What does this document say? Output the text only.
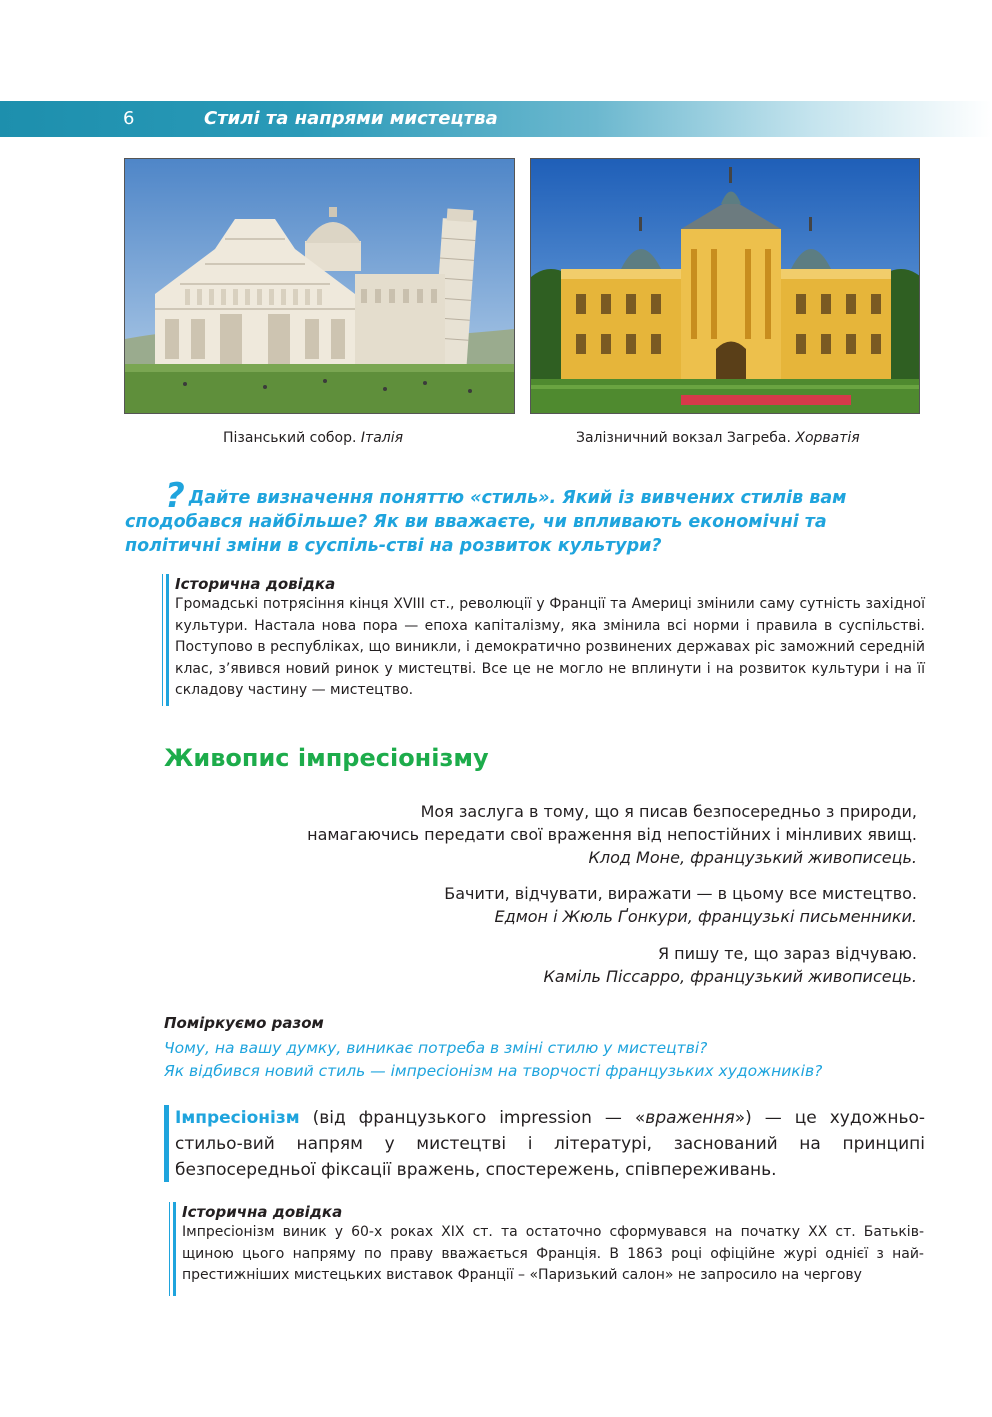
6	Стилі та напрями мистецтва
Пізанський собор. Італія	Залізничний вокзал Загреба. Хорватія
? Дайте визначення поняттю «стиль». Який із вивчених стилів вам сподобався найбільше? Як ви вважаєте, чи впливають економічні та політичні зміни в суспіль-стві на розвиток культури?

Історична довідка

Громадські потрясіння кінця XVIII ст., революції у Франції та Америці змінили саму сутність західної культури. Настала нова пора — епоха капіталізму, яка змінила всі норми і правила в суспільстві. Поступово в республіках, що виникли, і демократично розвинених державах ріс заможний середній клас, з’явився новий ринок у мистецтві. Все це не могло не вплинути і на розвиток культури і на її складову частину — мистецтво.

Живопис імпресіонізму
Моя заслуга в тому, що я писав безпосередньо з природи,
намагаючись передати свої враження від непостійних і мінливих явищ.
Клод Моне, французький живописець.
Бачити, відчувати, виражати — в цьому все мистецтво.
Едмон і Жюль Ґонкури, французькі письменники.
Я пишу те, що зараз відчуваю.
Каміль Піссарро, французький живописець.
Поміркуємо разом
Чому, на вашу думку, виникає потреба в зміні стилю у мистецтві?
Як відбився новий стиль — імпресіонізм на творчості французьких художників?

Імпресіонізм (від французького impression — «враження») — це художньо-стильо-вий напрям у мистецтві і літературі, заснований на принципі безпосередньої фіксації вражень, спостережень, співпереживань.

Історична довідка

Імпресіонізм виник у 60-х роках XIX ст. та остаточно сформувався на початку XX ст. Батьків-щиною цього напряму по праву вважається Франція. В 1863 році офіційне журі однієї з най-престижніших мистецьких виставок Франції – «Паризький салон» не запросило на чергову
